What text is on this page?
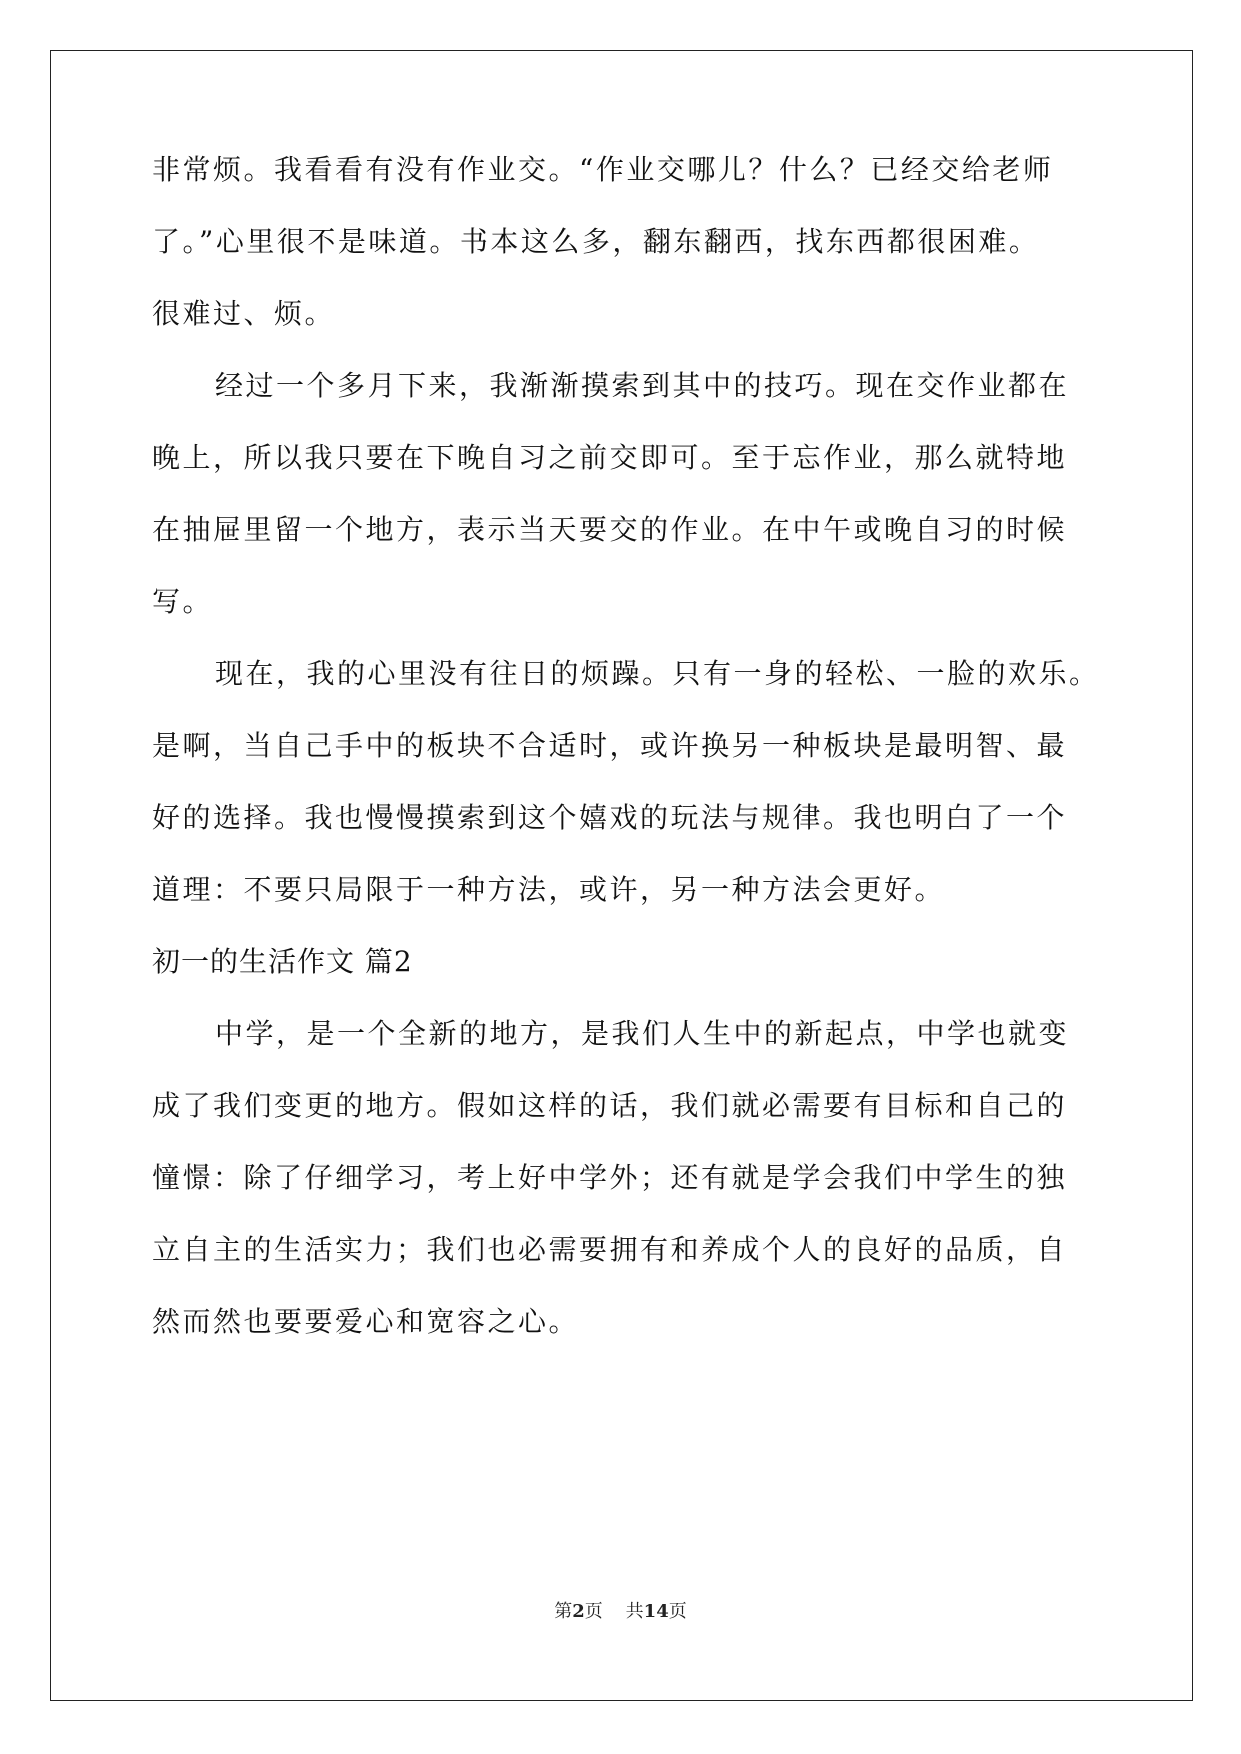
非常烦。我看看有没有作业交。“作业交哪儿？什么？已经交给老师
了。”心里很不是味道。书本这么多，翻东翻西，找东西都很困难。
很难过、烦。
经过一个多月下来，我渐渐摸索到其中的技巧。现在交作业都在
晚上，所以我只要在下晚自习之前交即可。至于忘作业，那么就特地
在抽屉里留一个地方，表示当天要交的作业。在中午或晚自习的时候
写。
现在，我的心里没有往日的烦躁。只有一身的轻松、一脸的欢乐。
是啊，当自己手中的板块不合适时，或许换另一种板块是最明智、最
好的选择。我也慢慢摸索到这个嬉戏的玩法与规律。我也明白了一个
道理：不要只局限于一种方法，或许，另一种方法会更好。
初一的生活作文 篇2
中学，是一个全新的地方，是我们人生中的新起点，中学也就变
成了我们变更的地方。假如这样的话，我们就必需要有目标和自己的
憧憬：除了仔细学习，考上好中学外；还有就是学会我们中学生的独
立自主的生活实力；我们也必需要拥有和养成个人的良好的品质，自
然而然也要要爱心和宽容之心。
第2页 共14页
